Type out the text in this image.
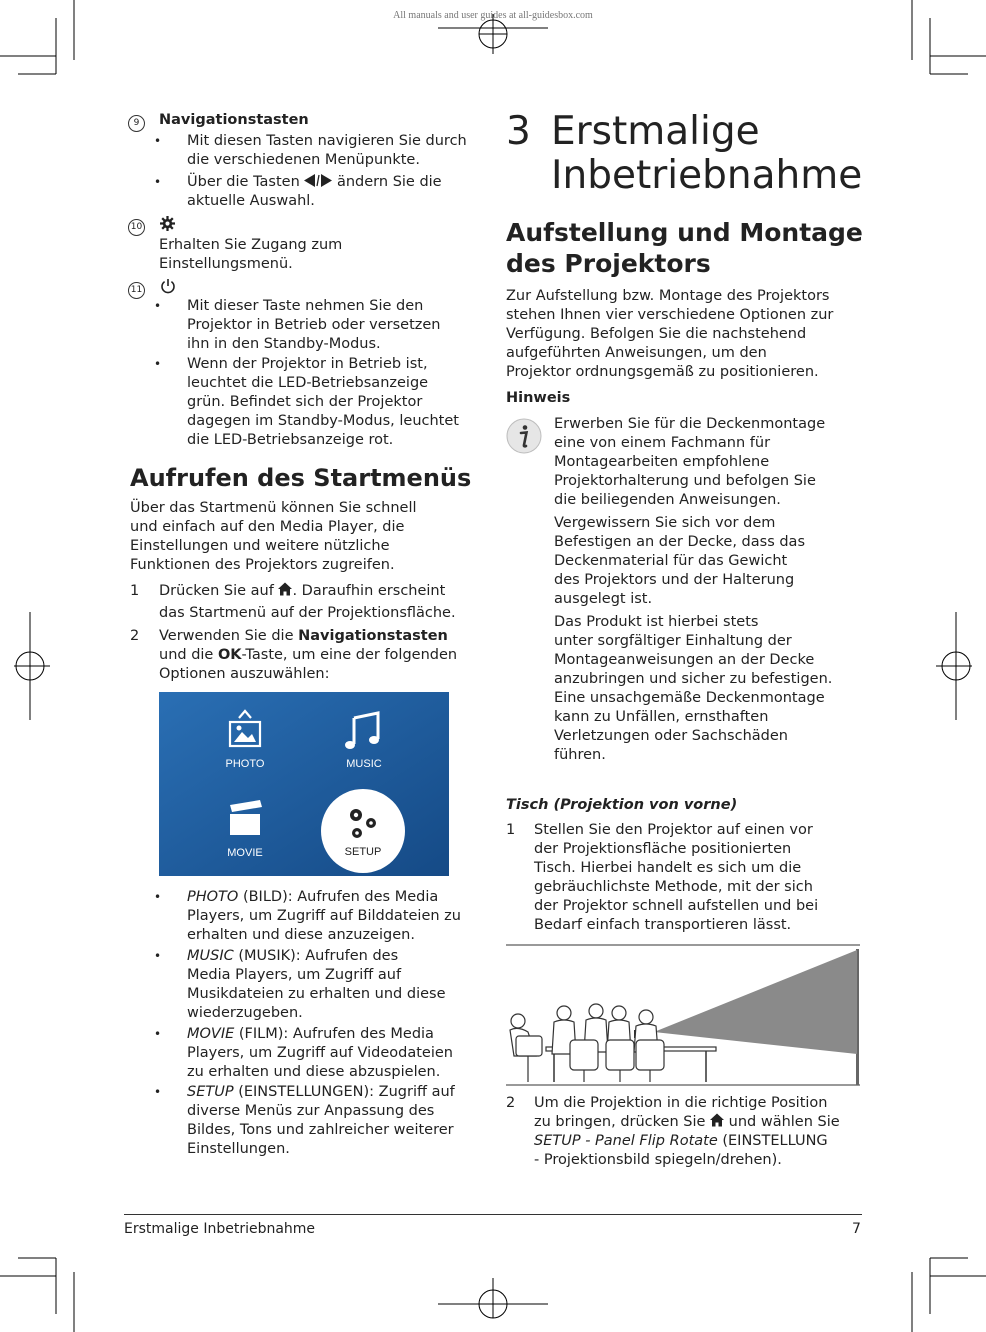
All manuals and user guides at all-guidesbox.com
9	Navigationstasten
• Mit diesen Tasten navigieren Sie durch
die verschiedenen Menüpunkte.
• Über die Tasten	ändern Sie die
aktuelle Auswahl.
10
Erhalten Sie Zugang zum
Einstellungsmenü.
11
• Mit dieser Taste nehmen Sie den
Projektor in Betrieb oder versetzen
ihn in den Standby-Modus.
• Wenn der Projektor in Betrieb ist,
leuchtet die LED-Betriebsanzeige
grün. Befindet sich der Projektor
dagegen im Standby-Modus, leuchtet
die LED-Betriebsanzeige rot.
Aufrufen des Startmenüs
Über das Startmenü können Sie schnell
und einfach auf den Media Player, die
Einstellungen und weitere nützliche
Funktionen des Projektors zugreifen.
1 Drücken Sie auf . Daraufhin erscheint
das Startmenü auf der Projektionsfläche.
2 Verwenden Sie die Navigationstasten
und die OK-Taste, um eine der folgenden
Optionen auszuwählen:
PHOTO	MUSIC
MOVIE	SETUP
• PHOTO (BILD): Aufrufen des Media
Players, um Zugriff auf Bilddateien zu
erhalten und diese anzuzeigen.
• MUSIC (MUSIK): Aufrufen des
Media Players, um Zugriff auf
Musikdateien zu erhalten und diese
wiederzugeben.
• MOVIE (FILM): Aufrufen des Media
Players, um Zugriff auf Videodateien
zu erhalten und diese abzuspielen.
• SETUP (EINSTELLUNGEN): Zugriff auf
diverse Menüs zur Anpassung des
Bildes, Tons und zahlreicher weiterer
Einstellungen.
3 Erstmalige
Inbetriebnahme
Aufstellung und Montage
des Projektors
Zur Aufstellung bzw. Montage des Projektors
stehen Ihnen vier verschiedene Optionen zur
Verfügung. Befolgen Sie die nachstehend
aufgeführten Anweisungen, um den
Projektor ordnungsgemäß zu positionieren.
Hinweis
Erwerben Sie für die Deckenmontage
eine von einem Fachmann für
Montagearbeiten empfohlene
Projektorhalterung und befolgen Sie
die beiliegenden Anweisungen.
Vergewissern Sie sich vor dem
Befestigen an der Decke, dass das
Deckenmaterial für das Gewicht
des Projektors und der Halterung
ausgelegt ist.
Das Produkt ist hierbei stets
unter sorgfältiger Einhaltung der
Montageanweisungen an der Decke
anzubringen und sicher zu befestigen.
Eine unsachgemäße Deckenmontage
kann zu Unfällen, ernsthaften
Verletzungen oder Sachschäden
führen.
Tisch (Projektion von vorne)
1 Stellen Sie den Projektor auf einen vor
der Projektionsfläche positionierten
Tisch. Hierbei handelt es sich um die
gebräuchlichste Methode, mit der sich
der Projektor schnell aufstellen und bei
Bedarf einfach transportieren lässt.
2 Um die Projektion in die richtige Position
zu bringen, drücken Sie und wählen Sie
SETUP - Panel Flip Rotate (EINSTELLUNG
- Projektionsbild spiegeln/drehen).
Erstmalige Inbetriebnahme	7
